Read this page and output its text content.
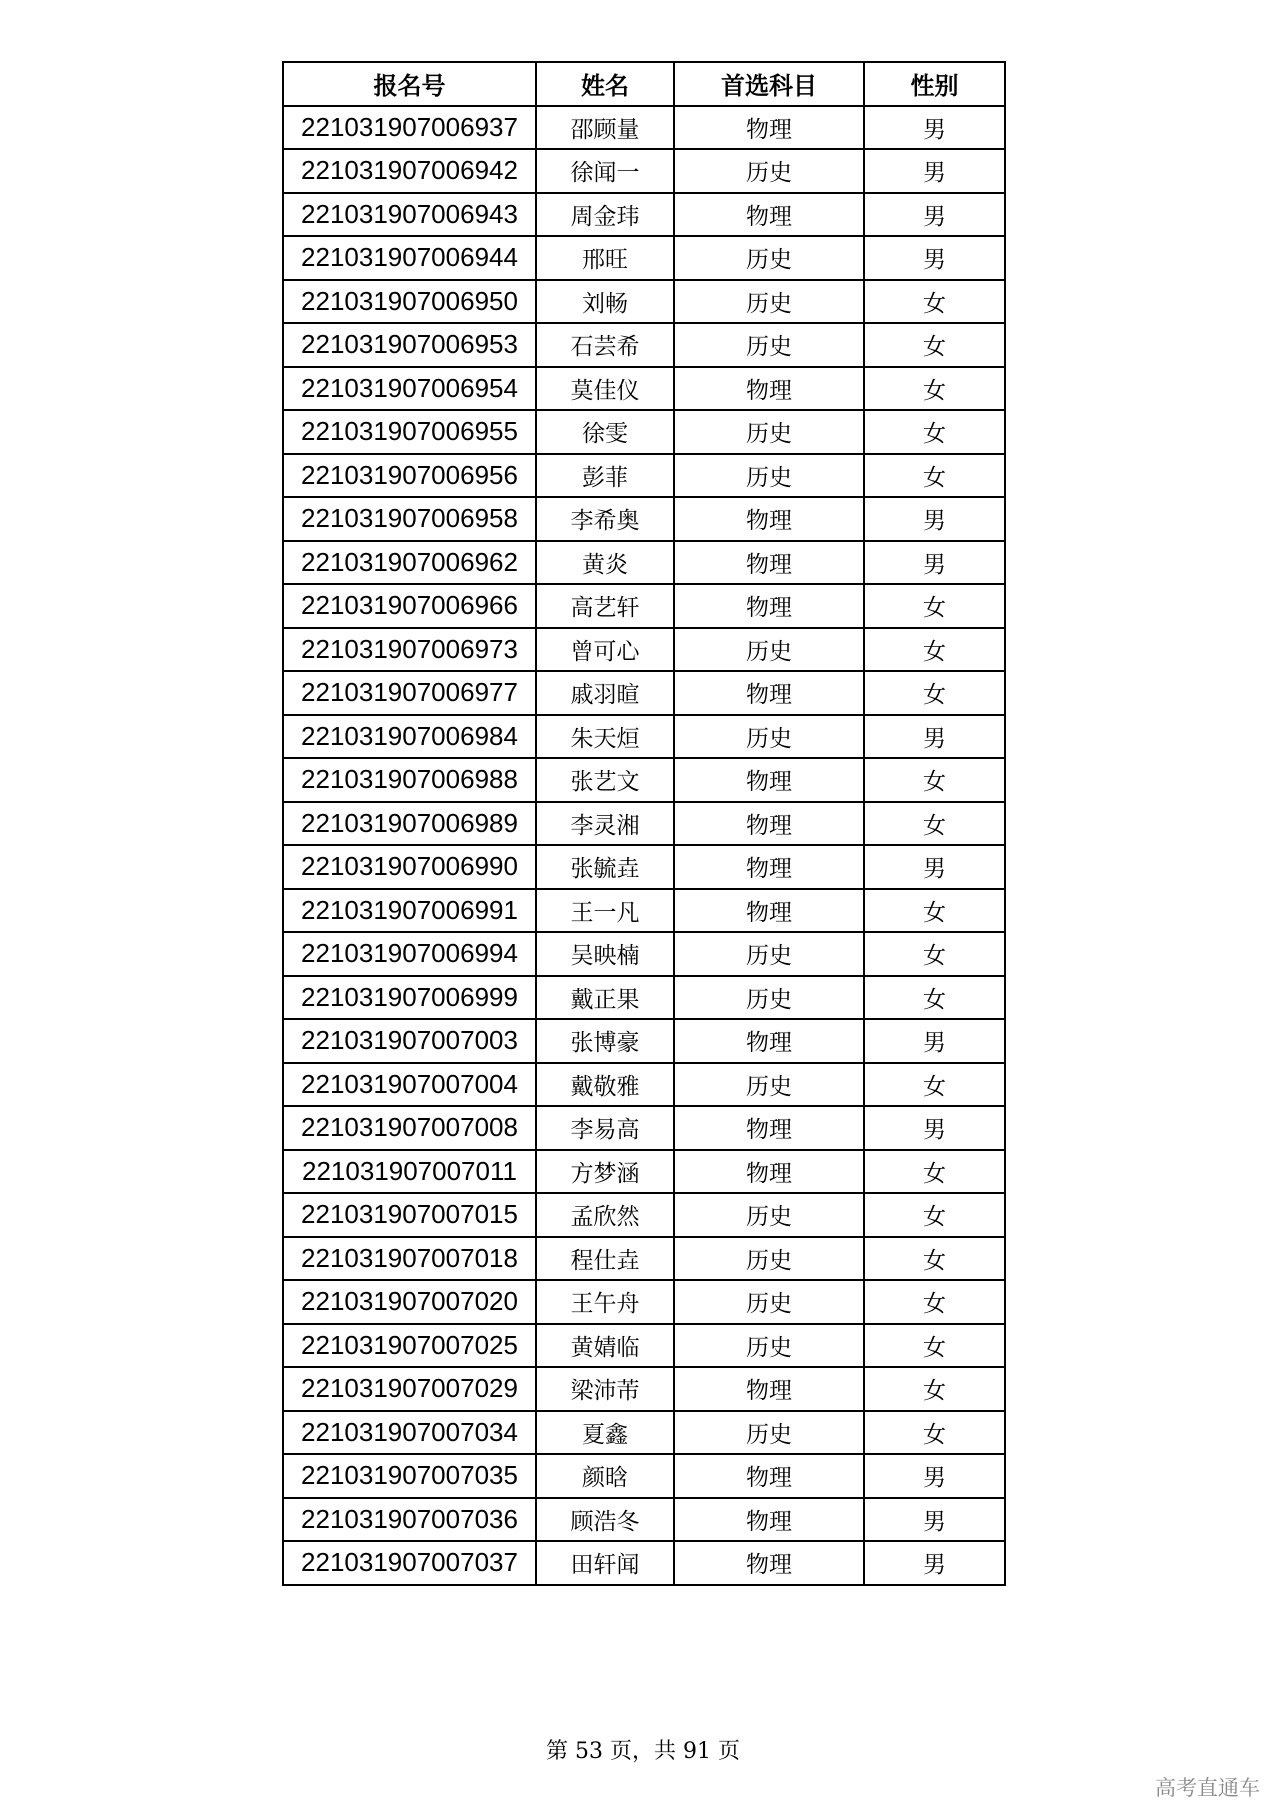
报名号	姓名	首选科目	性别
221031907006937	邵顾量	物理	男
221031907006942	徐闻一	历史	男
221031907006943	周金玮	物理	男
221031907006944	邢旺	历史	男
221031907006950	刘畅	历史	女
221031907006953	石芸希	历史	女
221031907006954	莫佳仪	物理	女
221031907006955	徐雯	历史	女
221031907006956	彭菲	历史	女
221031907006958	李希奥	物理	男
221031907006962	黄炎	物理	男
221031907006966	高艺轩	物理	女
221031907006973	曾可心	历史	女
221031907006977	戚羽暄	物理	女
221031907006984	朱天烜	历史	男
221031907006988	张艺文	物理	女
221031907006989	李灵湘	物理	女
221031907006990	张毓垚	物理	男
221031907006991	王一凡	物理	女
221031907006994	吴映楠	历史	女
221031907006999	戴正果	历史	女
221031907007003	张博豪	物理	男
221031907007004	戴敬雅	历史	女
221031907007008	李易高	物理	男
221031907007011	方梦涵	物理	女
221031907007015	孟欣然	历史	女
221031907007018	程仕垚	历史	女
221031907007020	王午舟	历史	女
221031907007025	黄婧临	历史	女
221031907007029	梁沛芾	物理	女
221031907007034	夏鑫	历史	女
221031907007035	颜晗	物理	男
221031907007036	顾浩冬	物理	男
221031907007037	田轩闻	物理	男
第 53 页，共 91 页
高考直通车
